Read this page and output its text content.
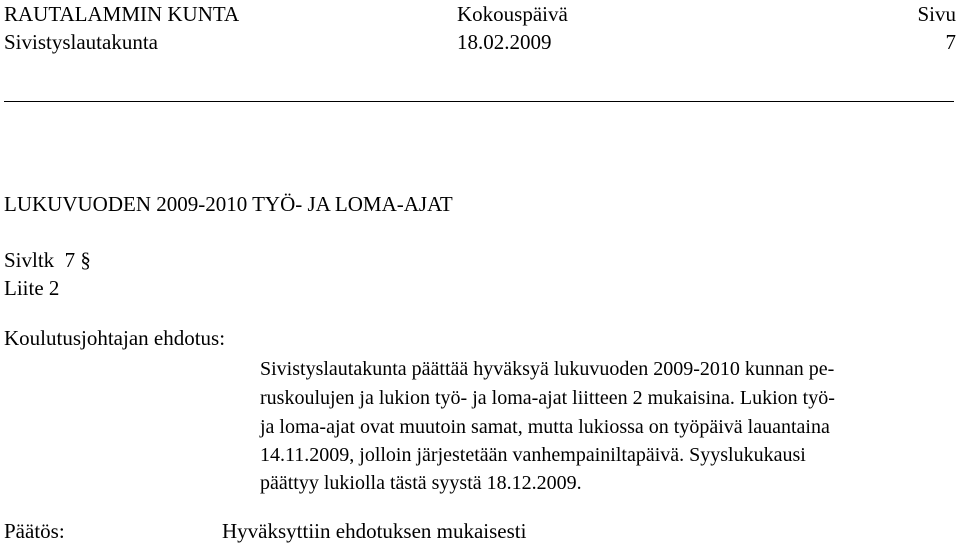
RAUTALAMMIN KUNTA
Sivistyslautakunta
Kokouspäivä
18.02.2009
Sivu
7
LUKUVUODEN 2009-2010 TYÖ- JA LOMA-AJAT
Sivltk  7 §
Liite 2
Koulutusjohtajan ehdotus:
Sivistyslautakunta päättää hyväksyä lukuvuoden 2009-2010 kunnan pe-
ruskoulujen ja lukion työ- ja loma-ajat liitteen 2 mukaisina. Lukion työ-
ja loma-ajat ovat muutoin samat, mutta lukiossa on työpäivä lauantaina
14.11.2009, jolloin järjestetään vanhempainiltapäivä. Syyslukukausi
päättyy lukiolla tästä syystä 18.12.2009.
Päätös:	Hyväksyttiin ehdotuksen mukaisesti
